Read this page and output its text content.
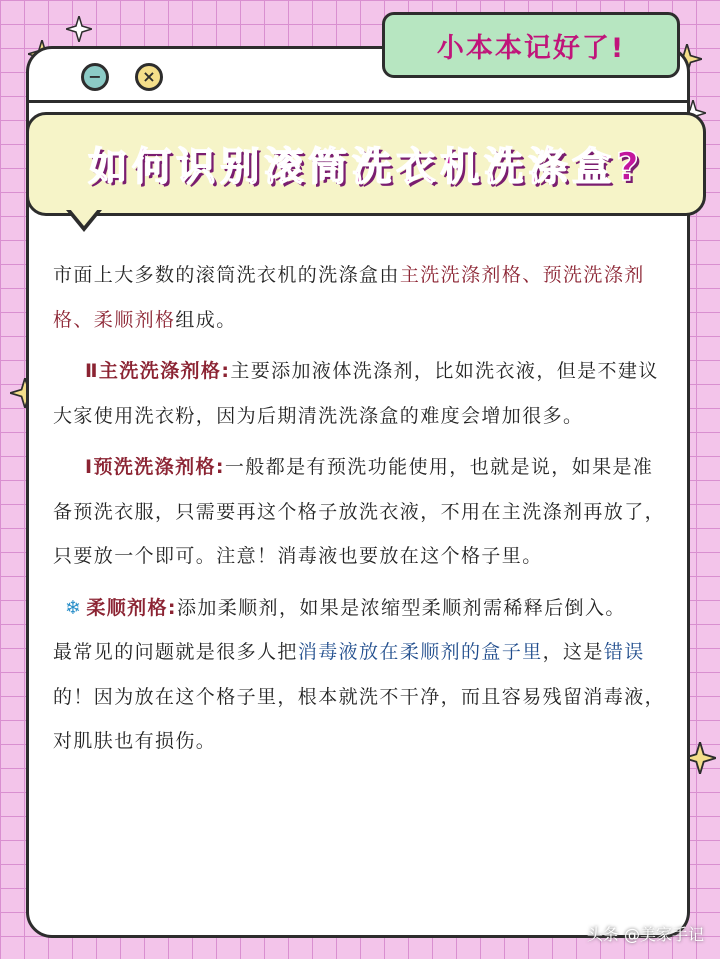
−	×

市面上大多数的滚筒洗衣机的洗涤盒由主洗洗涤剂格、预洗洗涤剂格、柔顺剂格组成。

Ⅱ主洗洗涤剂格:主要添加液体洗涤剂，比如洗衣液，但是不建议大家使用洗衣粉，因为后期清洗洗涤盒的难度会增加很多。

Ⅰ预洗洗涤剂格:一般都是有预洗功能使用，也就是说，如果是准备预洗衣服，只需要再这个格子放洗衣液，不用在主洗涤剂再放了，只要放一个即可。注意！消毒液也要放在这个格子里。

❄ 柔顺剂格:添加柔顺剂，如果是浓缩型柔顺剂需稀释后倒入。

最常见的问题就是很多人把消毒液放在柔顺剂的盒子里，这是错误的！因为放在这个格子里，根本就洗不干净，而且容易残留消毒液，对肌肤也有损伤。

小本本记好了!
如何识别滚筒洗衣机洗涤盒?
头条 @美家手记
